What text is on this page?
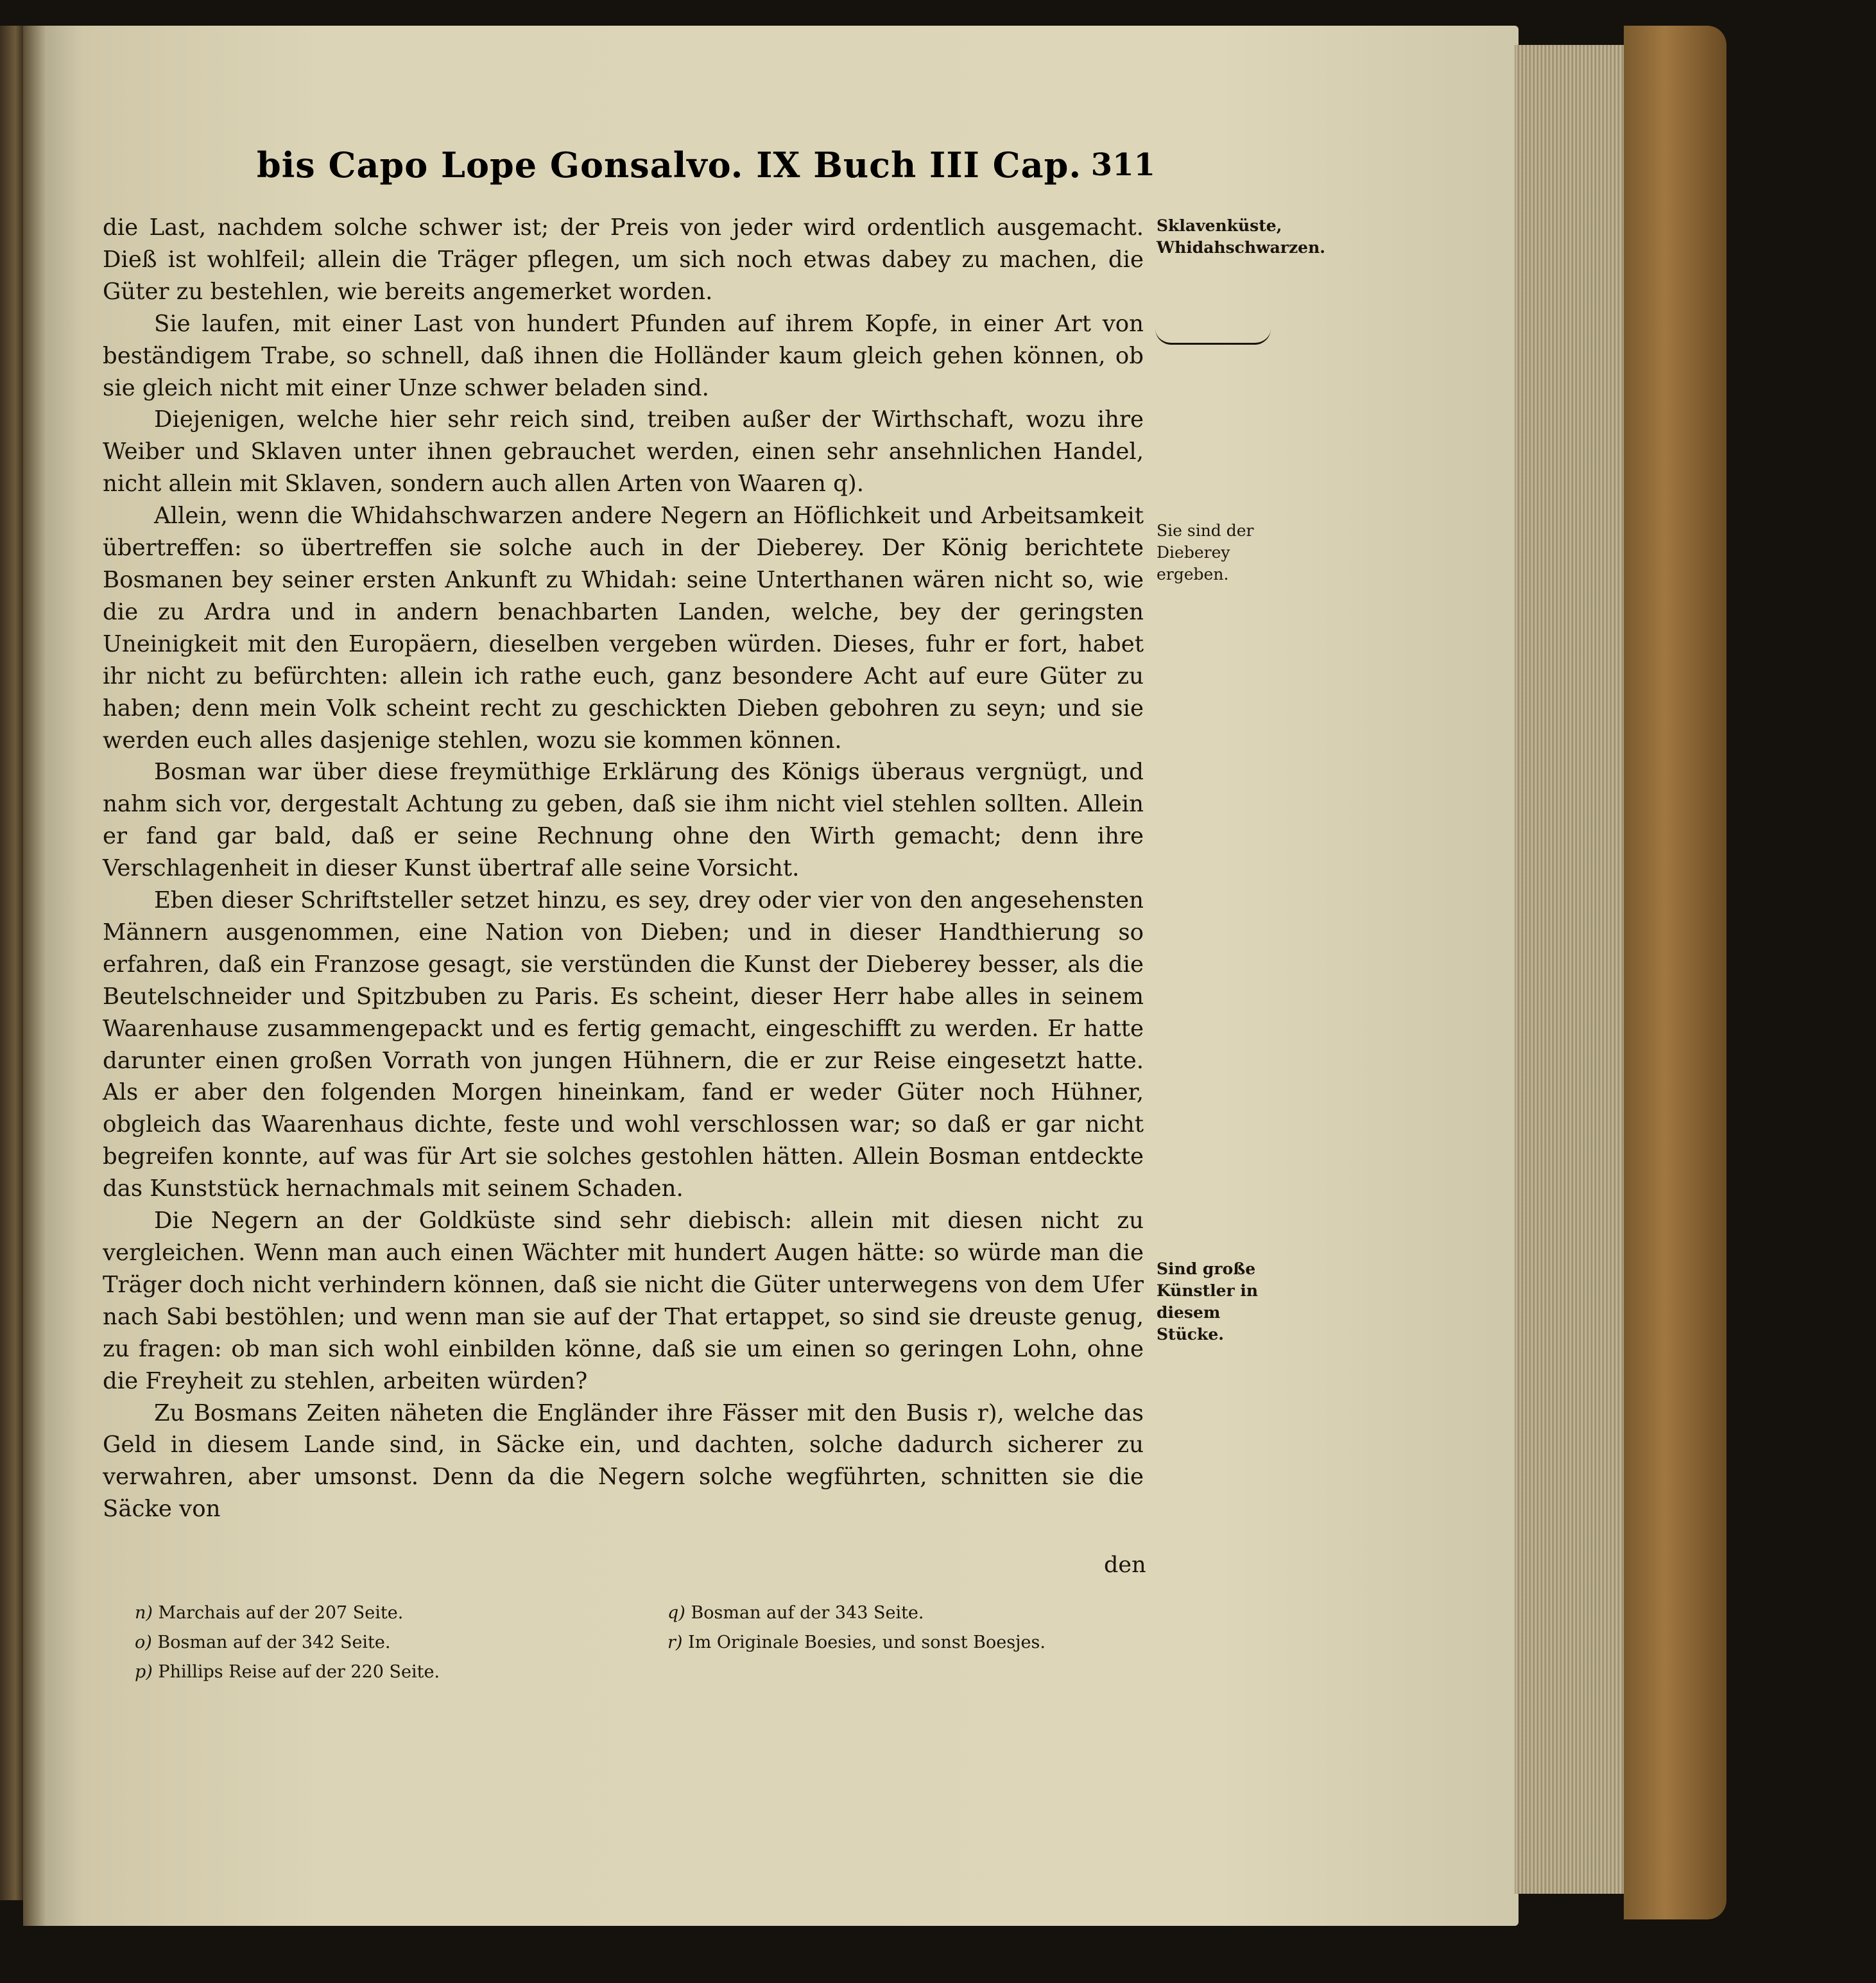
bis Capo Lope Gonsalvo. IX Buch III Cap. 311

die Last, nachdem solche schwer ist; der Preis von jeder wird ordentlich ausgemacht. Dieß ist wohlfeil; allein die Träger pflegen, um sich noch etwas dabey zu machen, die Güter zu bestehlen, wie bereits angemerket worden.

Sie laufen, mit einer Last von hundert Pfunden auf ihrem Kopfe, in einer Art von beständigem Trabe, so schnell, daß ihnen die Holländer kaum gleich gehen können, ob sie gleich nicht mit einer Unze schwer beladen sind.

Diejenigen, welche hier sehr reich sind, treiben außer der Wirthschaft, wozu ihre Weiber und Sklaven unter ihnen gebrauchet werden, einen sehr ansehnlichen Handel, nicht allein mit Sklaven, sondern auch allen Arten von Waaren q).

Allein, wenn die Whidahschwarzen andere Negern an Höflichkeit und Arbeitsamkeit übertreffen: so übertreffen sie solche auch in der Dieberey. Der König berichtete Bosmanen bey seiner ersten Ankunft zu Whidah: seine Unterthanen wären nicht so, wie die zu Ardra und in andern benachbarten Landen, welche, bey der geringsten Uneinigkeit mit den Europäern, dieselben vergeben würden. Dieses, fuhr er fort, habet ihr nicht zu befürchten: allein ich rathe euch, ganz besondere Acht auf eure Güter zu haben; denn mein Volk scheint recht zu geschickten Dieben gebohren zu seyn; und sie werden euch alles dasjenige stehlen, wozu sie kommen können.

Bosman war über diese freymüthige Erklärung des Königs überaus vergnügt, und nahm sich vor, dergestalt Achtung zu geben, daß sie ihm nicht viel stehlen sollten. Allein er fand gar bald, daß er seine Rechnung ohne den Wirth gemacht; denn ihre Verschlagenheit in dieser Kunst übertraf alle seine Vorsicht.

Eben dieser Schriftsteller setzet hinzu, es sey, drey oder vier von den angesehensten Männern ausgenommen, eine Nation von Dieben; und in dieser Handthierung so erfahren, daß ein Franzose gesagt, sie verstünden die Kunst der Dieberey besser, als die Beutelschneider und Spitzbuben zu Paris. Es scheint, dieser Herr habe alles in seinem Waarenhause zusammengepackt und es fertig gemacht, eingeschifft zu werden. Er hatte darunter einen großen Vorrath von jungen Hühnern, die er zur Reise eingesetzt hatte. Als er aber den folgenden Morgen hineinkam, fand er weder Güter noch Hühner, obgleich das Waarenhaus dichte, feste und wohl verschlossen war; so daß er gar nicht begreifen konnte, auf was für Art sie solches gestohlen hätten. Allein Bosman entdeckte das Kunststück hernachmals mit seinem Schaden.

Die Negern an der Goldküste sind sehr diebisch: allein mit diesen nicht zu vergleichen. Wenn man auch einen Wächter mit hundert Augen hätte: so würde man die Träger doch nicht verhindern können, daß sie nicht die Güter unterwegens von dem Ufer nach Sabi bestöhlen; und wenn man sie auf der That ertappet, so sind sie dreuste genug, zu fragen: ob man sich wohl einbilden könne, daß sie um einen so geringen Lohn, ohne die Freyheit zu stehlen, arbeiten würden?

Zu Bosmans Zeiten näheten die Engländer ihre Fässer mit den Busis r), welche das Geld in diesem Lande sind, in Säcke ein, und dachten, solche dadurch sicherer zu verwahren, aber umsonst. Denn da die Negern solche wegführten, schnitten sie die Säcke von

Sklavenküste, Whidahschwarzen.
Sie sind der Dieberey ergeben.
Sind große Künstler in diesem Stücke.
den
n) Marchais auf der 207 Seite.
o) Bosman auf der 342 Seite.
p) Phillips Reise auf der 220 Seite.
q) Bosman auf der 343 Seite.
r) Im Originale Boesies, und sonst Boesjes.
